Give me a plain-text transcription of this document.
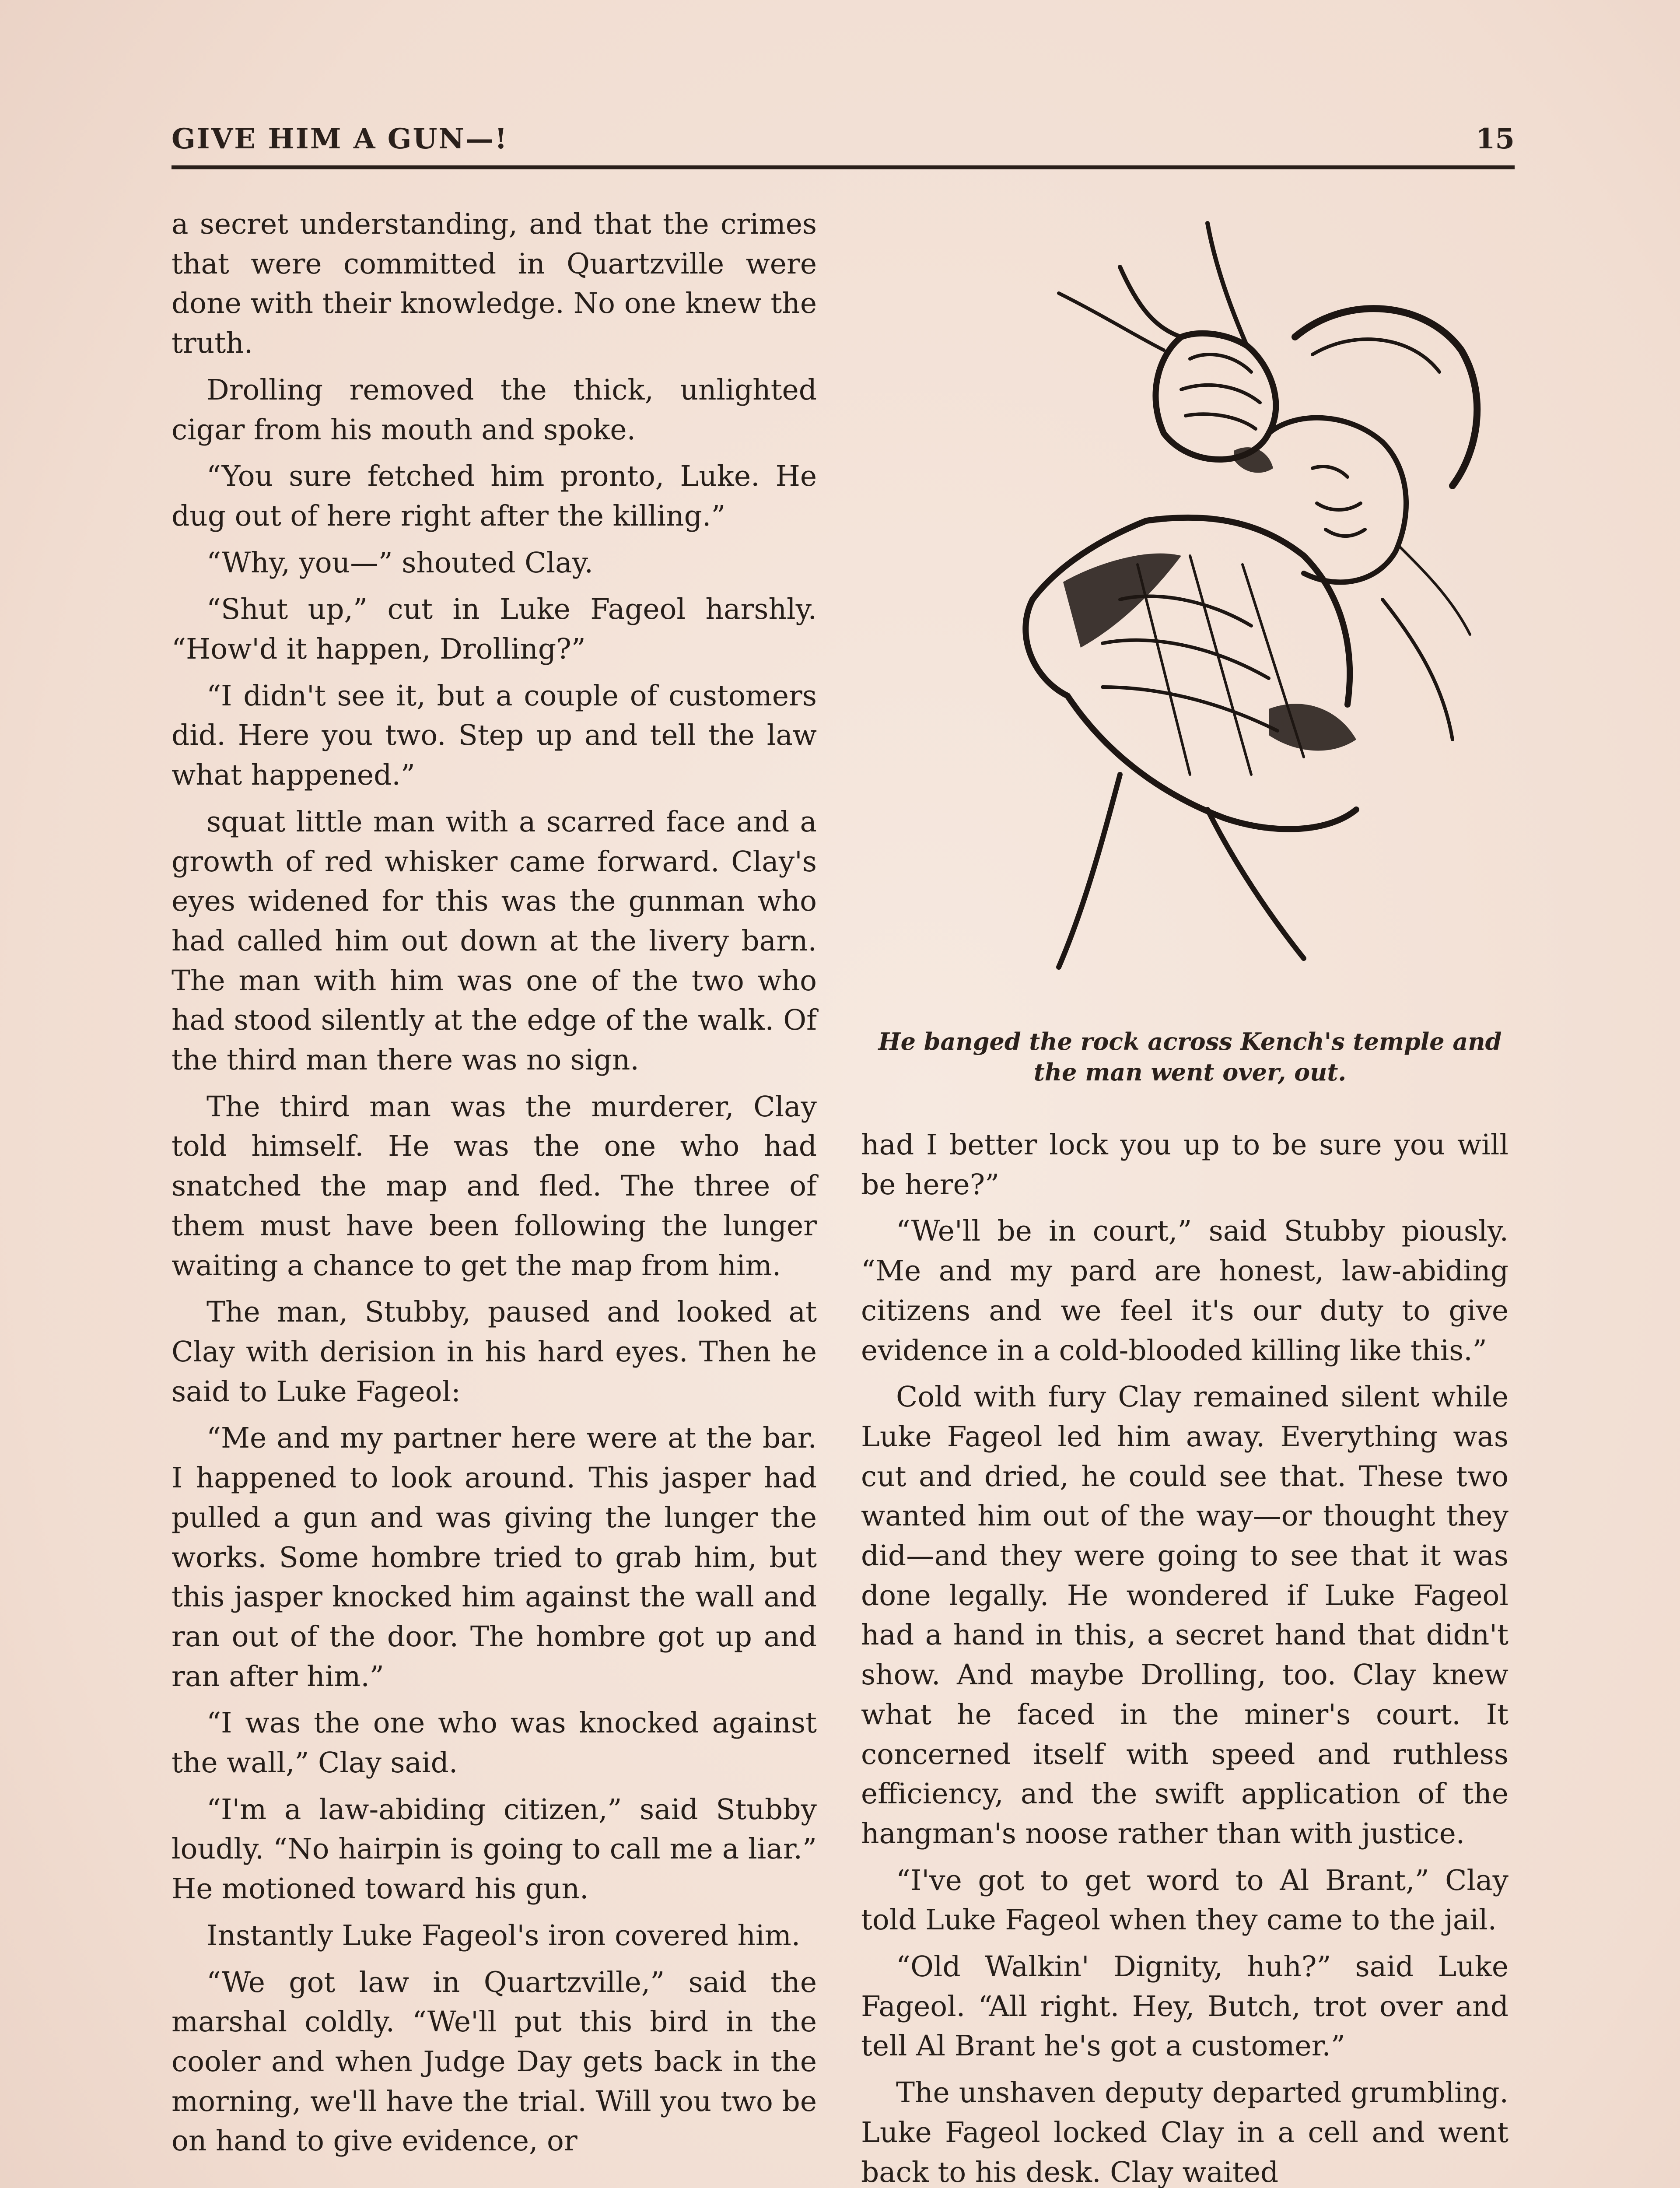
GIVE HIM A GUN—!	15

a secret understanding, and that the crimes that were committed in Quartzville were done with their knowledge. No one knew the truth.

Drolling removed the thick, unlighted cigar from his mouth and spoke.

“You sure fetched him pronto, Luke. He dug out of here right after the killing.”

“Why, you—” shouted Clay.

“Shut up,” cut in Luke Fageol harshly. “How'd it happen, Drolling?”

“I didn't see it, but a couple of customers did. Here you two. Step up and tell the law what happened.”

squat little man with a scarred face and a growth of red whisker came forward. Clay's eyes widened for this was the gunman who had called him out down at the livery barn. The man with him was one of the two who had stood silently at the edge of the walk. Of the third man there was no sign.

The third man was the murderer, Clay told himself. He was the one who had snatched the map and fled. The three of them must have been following the lunger waiting a chance to get the map from him.

The man, Stubby, paused and looked at Clay with derision in his hard eyes. Then he said to Luke Fageol:

“Me and my partner here were at the bar. I happened to look around. This jasper had pulled a gun and was giving the lunger the works. Some hombre tried to grab him, but this jasper knocked him against the wall and ran out of the door. The hombre got up and ran after him.”

“I was the one who was knocked against the wall,” Clay said.

“I'm a law-abiding citizen,” said Stubby loudly. “No hairpin is going to call me a liar.” He motioned toward his gun.

Instantly Luke Fageol's iron covered him.

“We got law in Quartzville,” said the marshal coldly. “We'll put this bird in the cooler and when Judge Day gets back in the morning, we'll have the trial. Will you two be on hand to give evidence, or

He banged the rock across Kench's temple and the man went over, out.

had I better lock you up to be sure you will be here?”

“We'll be in court,” said Stubby piously. “Me and my pard are honest, law-abiding citizens and we feel it's our duty to give evidence in a cold-blooded killing like this.”

Cold with fury Clay remained silent while Luke Fageol led him away. Everything was cut and dried, he could see that. These two wanted him out of the way—or thought they did—and they were going to see that it was done legally. He wondered if Luke Fageol had a hand in this, a secret hand that didn't show. And maybe Drolling, too. Clay knew what he faced in the miner's court. It concerned itself with speed and ruthless efficiency, and the swift application of the hangman's noose rather than with justice.

“I've got to get word to Al Brant,” Clay told Luke Fageol when they came to the jail.

“Old Walkin' Dignity, huh?” said Luke Fageol. “All right. Hey, Butch, trot over and tell Al Brant he's got a customer.”

The unshaven deputy departed grumbling. Luke Fageol locked Clay in a cell and went back to his desk. Clay waited
